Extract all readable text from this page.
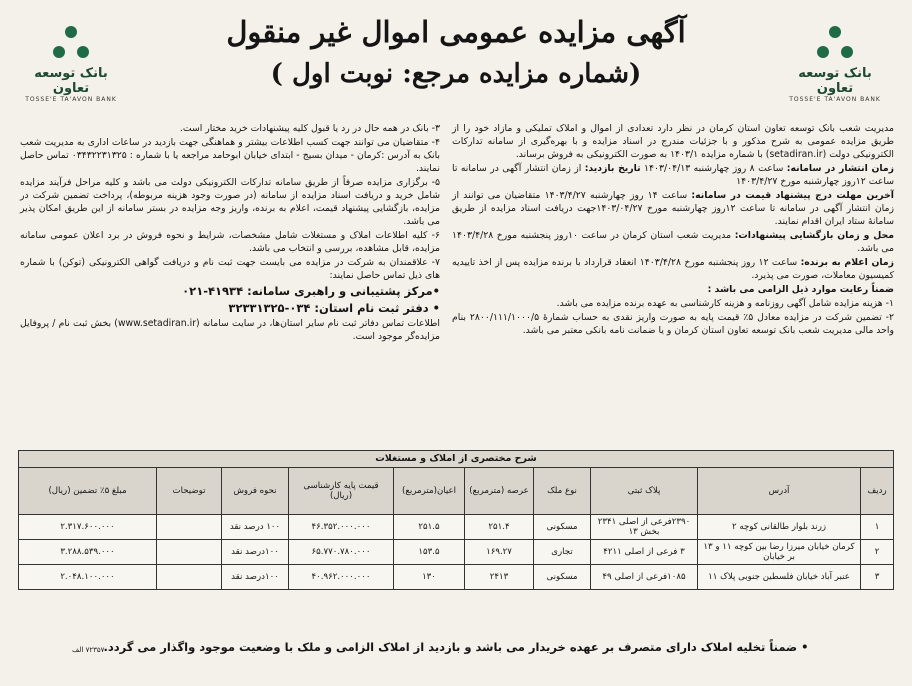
بانک توسعه تعاون
TOSSE'E TA'AVON BANK
آگهی مزایده عمومی اموال غیر منقول
(شماره مزایده مرجع: نوبت اول )	بانک توسعه تعاون
TOSSE'E TA'AVON BANK

مدیریت شعب بانک توسعه تعاون استان کرمان در نظر دارد تعدادی از اموال و املاک تملیکی و مازاد خود را از طریق مزایده عمومی به شرح مذکور و با جزئیات مندرج در اسناد مزایده و با بهره‌گیری از سامانه تدارکات الکترونیکی دولت (setadiran.ir) با شماره مزایده ۱۴۰۳/۱ به صورت الکترونیکی به فروش برساند.

زمان انتشار در سامانه: ساعت ۸ روز چهارشنبه ۱۴۰۳/۰۴/۱۳ تاریخ بازدید: از زمان انتشار آگهی در سامانه تا ساعت ۱۲روز چهارشنبه مورخ ۱۴۰۳/۴/۲۷

آخرین مهلت درج پیشنهاد قیمت در سامانه: ساعت ۱۴ روز چهارشنبه ۱۴۰۳/۴/۲۷ متقاضیان می توانند از زمان انتشار آگهی در سامانه تا ساعت ۱۲روز چهارشنبه مورخ ۱۴۰۳/۰۴/۲۷جهت دریافت اسناد مزایده از طریق سامانهٔ ستاد ایران اقدام نمایند.

محل و زمان بازگشایی پیشنهادات: مدیریت شعب استان کرمان در ساعت ۱۰روز پنجشنبه مورخ ۱۴۰۳/۴/۲۸ می باشد.

زمان اعلام به برنده: ساعت ۱۲ روز پنجشنبه مورخ ۱۴۰۳/۴/۲۸ انعقاد قرارداد با برنده مزایده پس از اخذ تاییدیه کمیسیون معاملات، صورت می پذیرد.

ضمناً رعایت موارد ذیل الزامی می باشد :

۱- هزینه مزایده شامل آگهی روزنامه و هزینه کارشناسی به عهده برنده مزایده می باشد.

۲- تضمین شرکت در مزایده معادل ۵٪ قیمت پایه به صورت واریز نقدی به حساب شمارهٔ ۲۸۰۰/۱۱۱/۱۰۰۰/۵ بنام واحد مالی مدیریت شعب بانک توسعه تعاون استان کرمان و یا ضمانت نامه بانکی معتبر می باشد.

۳- بانک در همه حال در رد یا قبول کلیه پیشنهادات خرید مختار است.

۴- متقاضیان می توانند جهت کسب اطلاعات بیشتر و هماهنگی جهت بازدید در ساعات اداری به مدیریت شعب بانک به آدرس :کرمان - میدان بسیج - ابتدای خیابان ابوحامد مراجعه یا با شماره : ۰۳۴۳۲۲۳۱۳۲۵ تماس حاصل نمایند.

۵- برگزاری مزایده صرفاً از طریق سامانه تدارکات الکترونیکی دولت می باشد و کلیه مراحل فرآیند مزایده شامل خرید و دریافت اسناد مزایده از سامانه (در صورت وجود هزینه مربوطه)، پرداخت تضمین شرکت در مزایده، بازگشایی پیشنهاد قیمت، اعلام به برنده، واریز وجه مزایده در بستر سامانه از این طریق امکان پذیر می باشد.

۶- کلیه اطلاعات املاک و مستغلات شامل مشخصات، شرایط و نحوه فروش در برد اعلان عمومی سامانه مزایده، قابل مشاهده، بررسی و انتخاب می باشد.

۷- علاقمندان به شرکت در مزایده می بایست جهت ثبت نام و دریافت گواهی الکترونیکی (توکن) با شماره های ذیل تماس حاصل نمایند:

•مرکز پشتیبانی و راهبری سامانه: ۴۱۹۳۴-۰۲۱

• دفتر ثبت نام استان: ۰۳۴-۳۲۳۳۱۳۲۵

اطلاعات تماس دفاتر ثبت نام سایر استان‌ها، در سایت سامانه (www.setadiran.ir) بخش ثبت نام / پروفایل مزایده‌گر موجود است.

شرح مختصری از املاک و مستغلات
ردیف	آدرس	پلاک ثبتی	نوع ملک	عرصه (مترمربع)	اعیان(مترمربع)	قیمت پایه کارشناسی (ریال)	نحوه فروش	توضیحات	مبلغ ۵٪ تضمین (ریال)
۱	زرند بلوار طالقانی کوچه ۲	۲۳۹۰فرعی از اصلی ۲۳۴۱ بخش ۱۳	مسکونی	۲۵۱.۴	۲۵۱.۵	۴۶.۳۵۲.۰۰۰.۰۰۰	۱۰۰ درصد نقد		۲.۳۱۷.۶۰۰.۰۰۰
۲	کرمان خیابان میرزا رضا بین کوچه ۱۱ و ۱۳ بر خیابان	۳ فرعی از اصلی ۴۲۱۱	تجاری	۱۶۹.۲۷	۱۵۳.۵	۶۵.۷۷۰.۷۸۰.۰۰۰	۱۰۰درصد نقد		۳.۲۸۸.۵۳۹.۰۰۰
۳	عنبر آباد خیابان فلسطین جنوبی پلاک ۱۱	۱۰۸۵فرعی از اصلی ۴۹	مسکونی	۲۴۱۳	۱۳۰	۴۰.۹۶۲.۰۰۰.۰۰۰	۱۰۰درصد نقد		۲.۰۴۸.۱۰۰.۰۰۰
• ضمناً تخلیه املاک دارای متصرف بر عهده خریدار می باشد و بازدید از املاک الزامی و ملک با وضعیت موجود واگذار می گردد.
۷۲۳۵۷ الف
